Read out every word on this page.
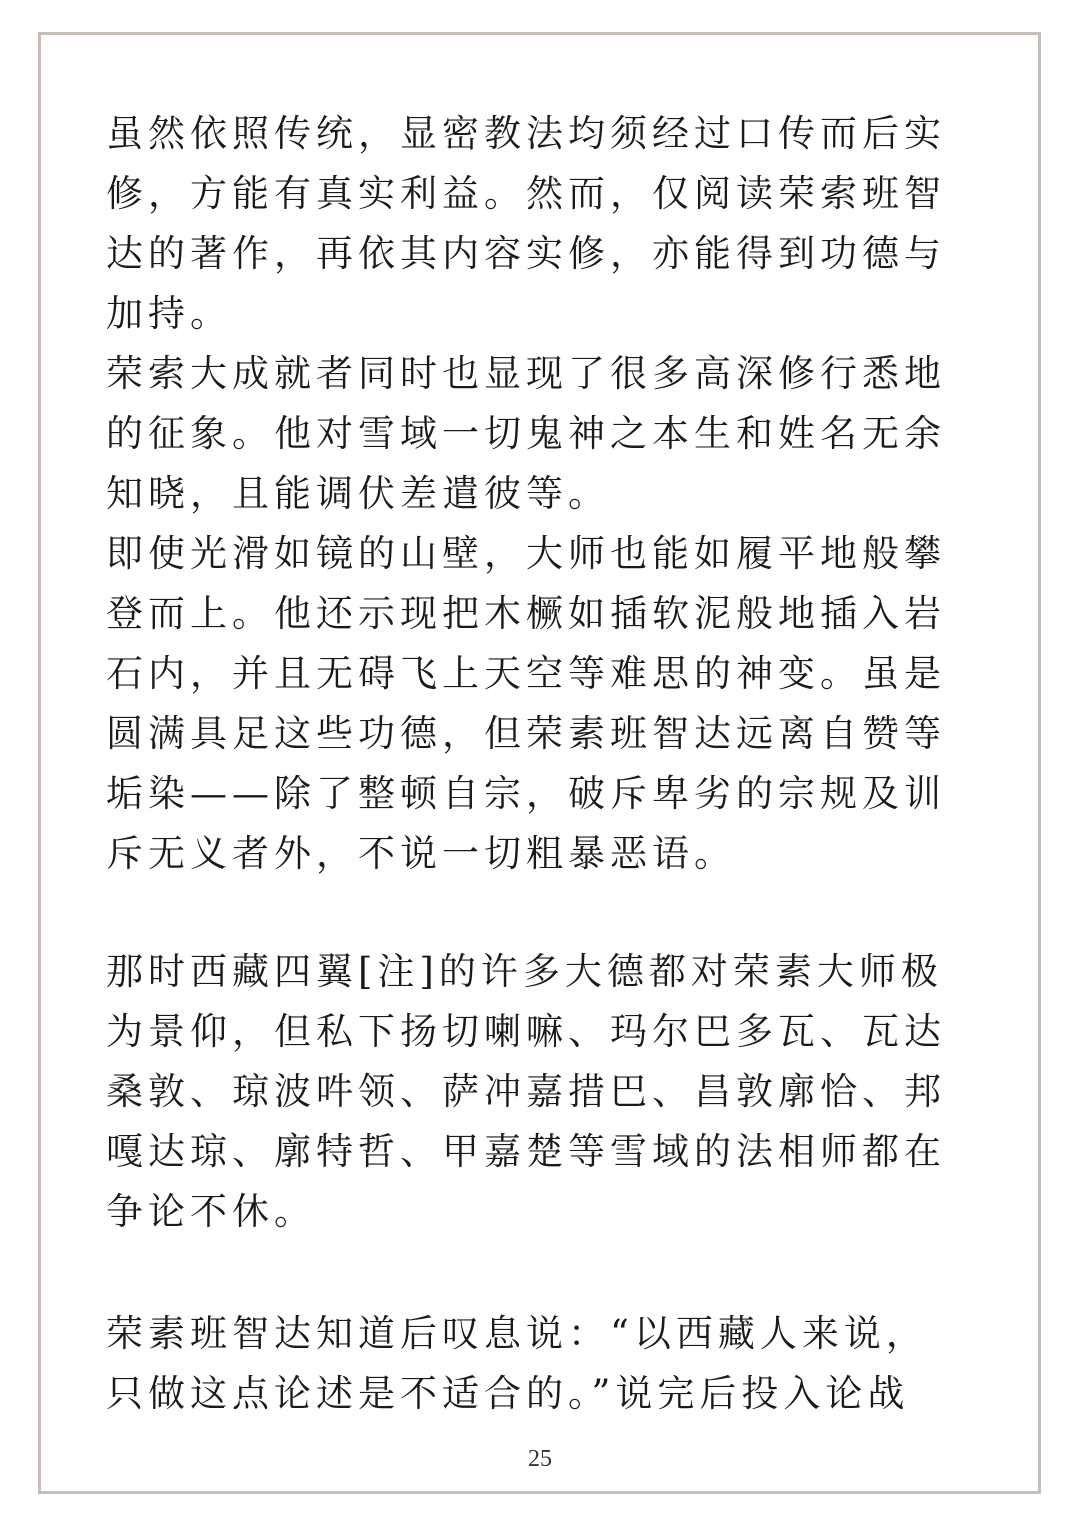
虽然依照传统，显密教法均须经过口传而后实
修，方能有真实利益。然而，仅阅读荣索班智
达的著作，再依其内容实修，亦能得到功德与
加持。
荣索大成就者同时也显现了很多高深修行悉地
的征象。他对雪域一切鬼神之本生和姓名无余
知晓，且能调伏差遣彼等。
即使光滑如镜的山壁，大师也能如履平地般攀
登而上。他还示现把木橛如插软泥般地插入岩
石内，并且无碍飞上天空等难思的神变。虽是
圆满具足这些功德，但荣素班智达远离自赞等
垢染——除了整顿自宗，破斥卑劣的宗规及训
斥无义者外，不说一切粗暴恶语。
那时西藏四翼[注]的许多大德都对荣素大师极
为景仰，但私下扬切喇嘛、玛尔巴多瓦、瓦达
桑敦、琼波吽领、萨冲嘉措巴、昌敦廓恰、邦
嘎达琼、廓特哲、甲嘉楚等雪域的法相师都在
争论不休。
荣素班智达知道后叹息说：“以西藏人来说，
只做这点论述是不适合的。”说完后投入论战
25
